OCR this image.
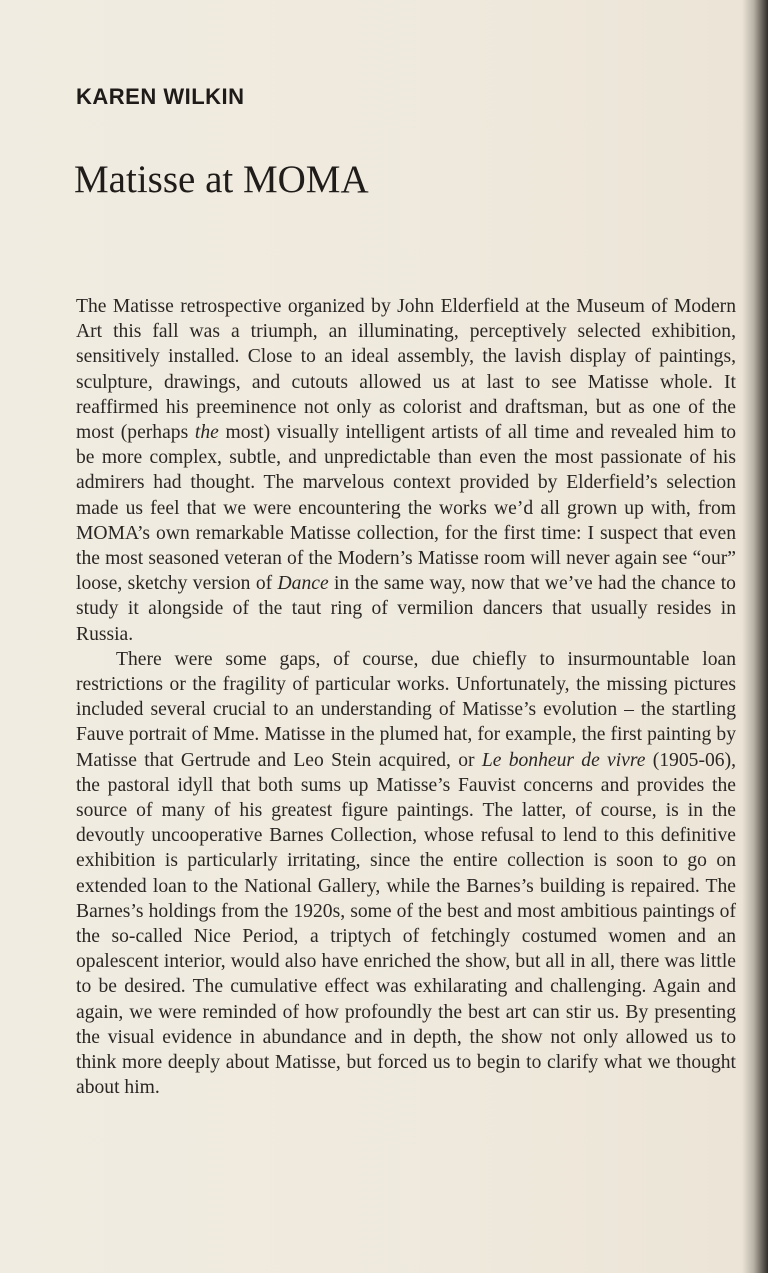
KAREN WILKIN
Matisse at MOMA

The Matisse retrospective organized by John Elderfield at the Museum of Modern Art this fall was a triumph, an illuminating, perceptively selected exhibition, sensitively installed. Close to an ideal assembly, the lavish display of paintings, sculpture, drawings, and cutouts allowed us at last to see Matisse whole. It reaffirmed his preeminence not only as colorist and draftsman, but as one of the most (perhaps the most) visually intelligent artists of all time and revealed him to be more complex, subtle, and unpredictable than even the most passionate of his admirers had thought. The marvelous context provided by Elderfield’s selection made us feel that we were encountering the works we’d all grown up with, from MOMA’s own remarkable Matisse collection, for the first time: I suspect that even the most seasoned veteran of the Modern’s Matisse room will never again see “our” loose, sketchy version of Dance in the same way, now that we’ve had the chance to study it alongside of the taut ring of vermilion dancers that usually resides in Russia.

There were some gaps, of course, due chiefly to insurmountable loan restrictions or the fragility of particular works. Unfortunately, the missing pictures included several crucial to an understanding of Matisse’s evolution – the startling Fauve portrait of Mme. Matisse in the plumed hat, for example, the first painting by Matisse that Gertrude and Leo Stein acquired, or Le bonheur de vivre (1905-06), the pastoral idyll that both sums up Matisse’s Fauvist concerns and provides the source of many of his greatest figure paintings. The latter, of course, is in the devoutly uncooperative Barnes Collection, whose refusal to lend to this definitive exhibition is particularly irritating, since the entire collection is soon to go on extended loan to the National Gallery, while the Barnes’s building is repaired. The Barnes’s holdings from the 1920s, some of the best and most ambitious paintings of the so-called Nice Period, a triptych of fetchingly costumed women and an opalescent interior, would also have enriched the show, but all in all, there was little to be desired. The cumulative effect was exhilarating and challenging. Again and again, we were reminded of how profoundly the best art can stir us. By presenting the visual evidence in abundance and in depth, the show not only allowed us to think more deeply about Matisse, but forced us to begin to clarify what we thought about him.
